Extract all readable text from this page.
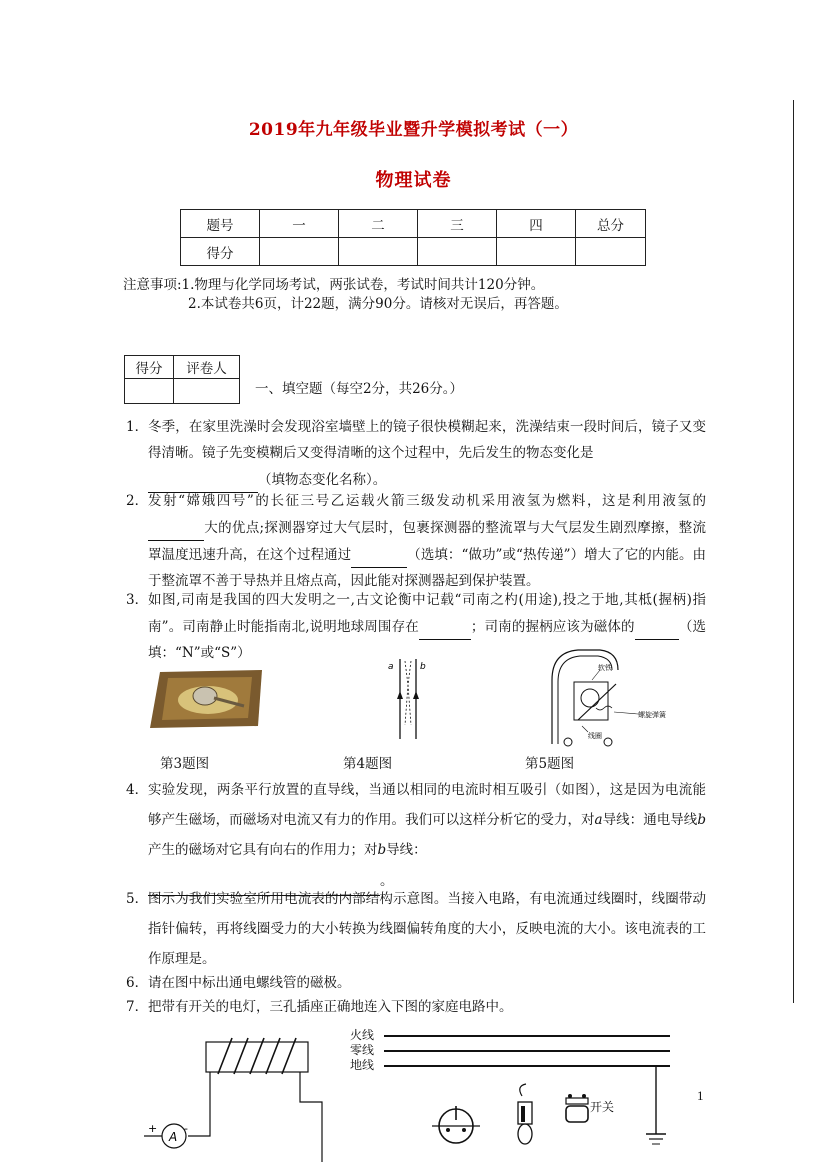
2019年九年级毕业暨升学模拟考试（一）
物理试卷
题号	一	二	三	四	总分
得分					
注意事项:1.物理与化学同场考试，两张试卷，考试时间共计120分钟。
2.本试卷共6页，计22题，满分90分。请核对无误后，再答题。
得分	评卷人

一、填空题（每空2分，共26分。）
1． 冬季，在家里洗澡时会发现浴室墙壁上的镜子很快模糊起来，洗澡结束一段时间后，镜子又变得清晰。镜子先变模糊后又变得清晰的这个过程中，先后发生的物态变化是
（填物态变化名称）。
2． 发射“嫦娥四号”的长征三号乙运载火箭三级发动机采用液氢为燃料，这是利用液氢的  大的优点;探测器穿过大气层时，包裹探测器的整流罩与大气层发生剧烈摩擦，整流罩温度迅速升高，在这个过程通过	（选填：“做功”或“热传递”）增大了它的内能。由于整流罩不善于导热并且熔点高，因此能对探测器起到保护装置。
3． 如图,司南是我国的四大发明之一,古文论衡中记载“司南之杓(用途),投之于地,其柢(握柄)指南”。司南静止时能指南北,说明地球周围存在	；司南的握柄应该为磁体的	（选填：“N”或“S”）
a	b	软铁
螺旋弹簧
线圈
第3题图	第4题图	第5题图
4． 实验发现，两条平行放置的直导线，当通以相同的电流时相互吸引（如图），这是因为电流能够产生磁场，而磁场对电流又有力的作用。我们可以这样分析它的受力，对a导线：通电导线b产生的磁场对它具有向右的作用力；对b导线：
。
5． 图示为我们实验室所用电流表的内部结构示意图。当接入电路，有电流通过线圈时，线圈带动指针偏转，再将线圈受力的大小转换为线圈偏转角度的大小，反映电流的大小。该电流表的工作原理是。
6． 请在图中标出通电螺线管的磁极。
7． 把带有开关的电灯，三孔插座正确地连入下图的家庭电路中。
A
+ -
火线
零线
地线
开关
1
